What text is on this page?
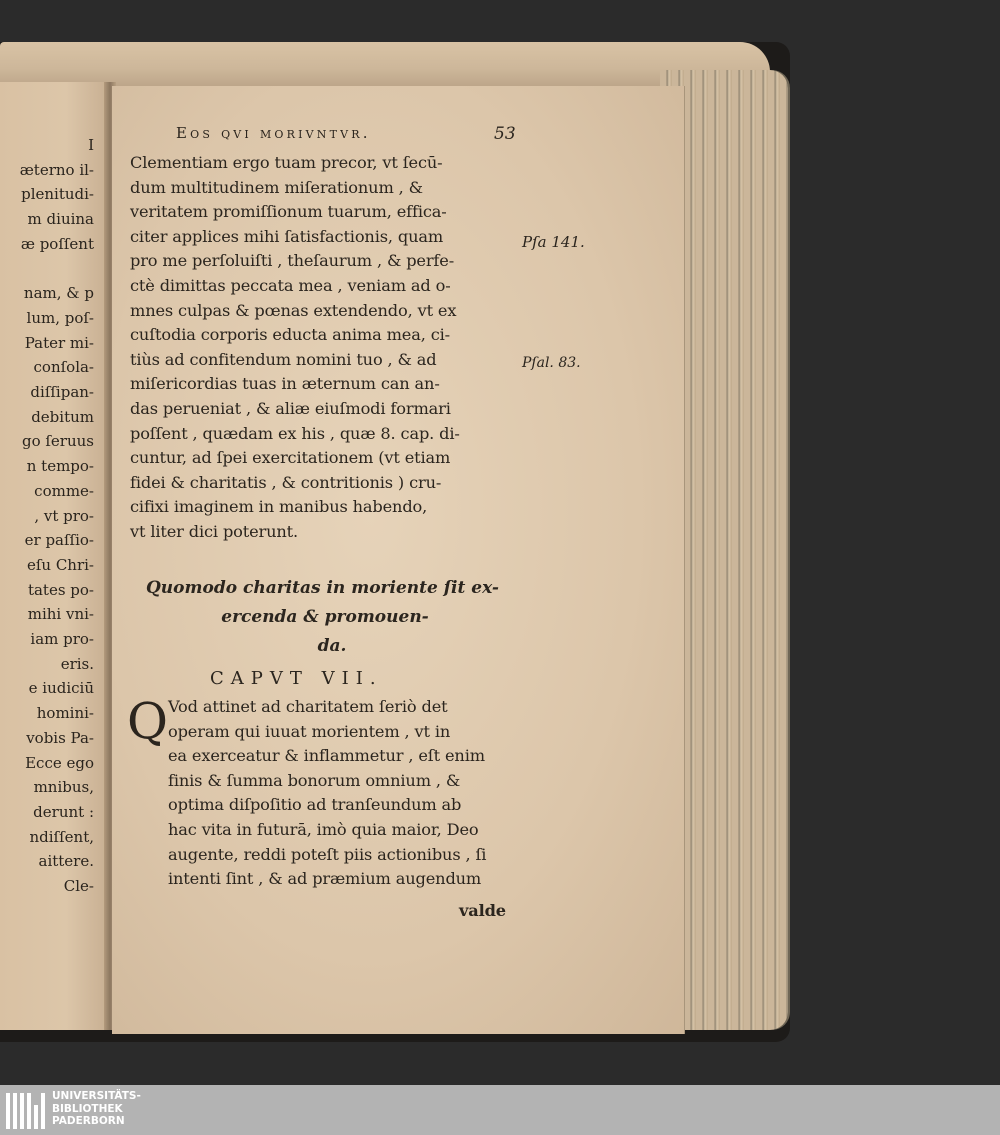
I
æterno il-
plenitudi-
m diuina
æ poſſent
nam, & p
lum, poſ-
Pater mi-
conſola-
diſſipan-
debitum
go ſeruus
n tempo-
comme-
, vt pro-
er paſſio-
eſu Chri-
tates po-
mihi vni-
iam pro-
eris.
e iudiciū
homini-
vobis Pa-
Ecce ego
mnibus,
derunt :
ndiſſent,
aittere.
Cle-
Eos qvi morivntvr.	53
Clementiam ergo tuam precor, vt ſecū-
dum multitudinem miſerationum , &
veritatem promiſſionum tuarum, effica-
citer applices mihi ſatisfactionis, quam
pro me perſoluiſti , theſaurum , & perfe-
ctè dimittas peccata mea , veniam ad o-
mnes culpas & pœnas extendendo, vt ex
cuſtodia corporis educta anima mea, ci-
tiùs ad confitendum nomini tuo , & ad
miſericordias tuas in æternum can an-
das perueniat , & aliæ eiuſmodi formari
poſſent , quædam ex his , quæ 8. cap. di-
cuntur, ad ſpei exercitationem (vt etiam
fidei & charitatis , & contritionis ) cru-
cifixi imaginem in manibus habendo,
vt liter dici poterunt.
Pſa 141.
Pſal. 83.
Quomodo charitas in moriente ſit ex-
ercenda & promouen-
da.
CAPVT VII.
Q Vod attinet ad charitatem ſeriò det
operam qui iuuat morientem , vt in
ea exerceatur & inflammetur , eſt enim
finis & ſumma bonorum omnium , &
optima diſpoſitio ad tranſeundum ab
hac vita in futurā, imò quia maior, Deo
augente, reddi poteſt piis actionibus , ſi
intenti ſint , & ad præmium augendum
valde
UNIVERSITÄTS-
BIBLIOTHEK
PADERBORN
